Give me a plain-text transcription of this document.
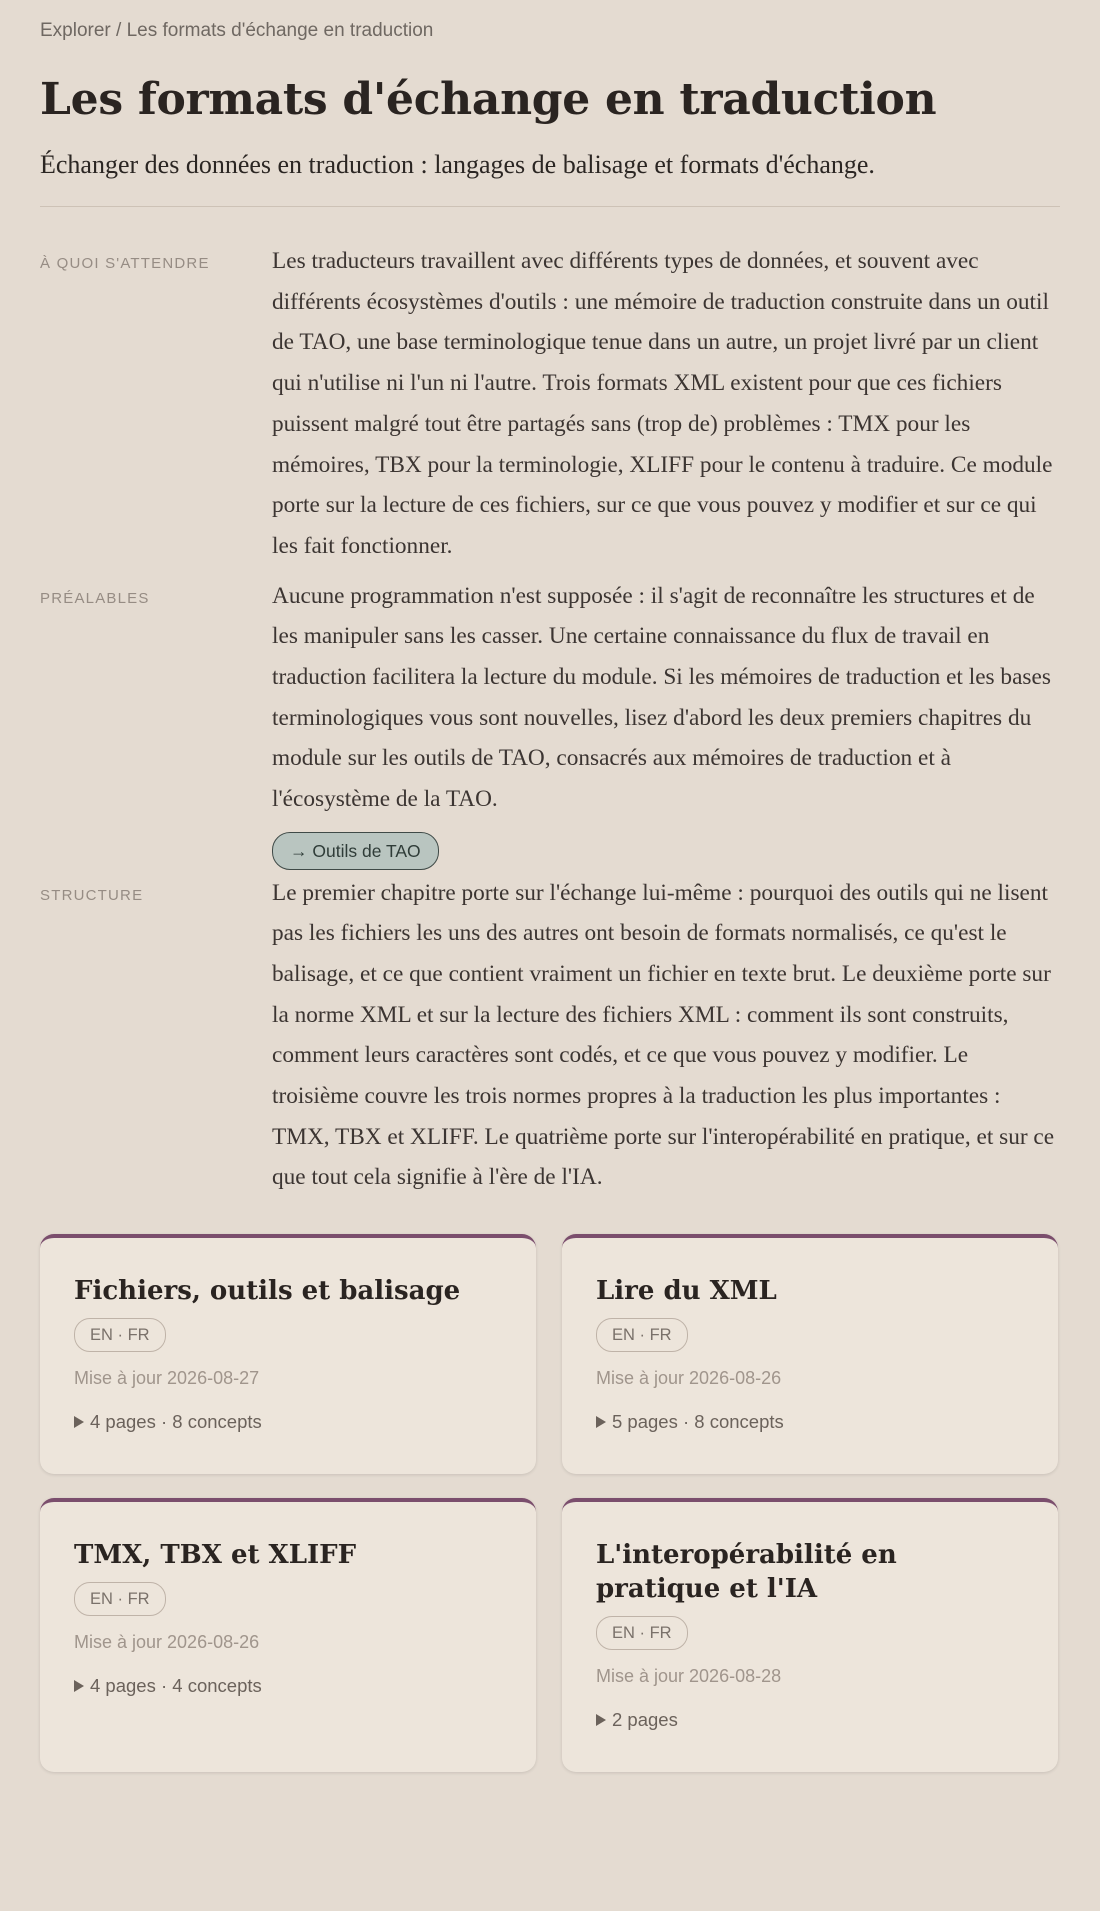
Explorer / Les formats d'échange en traduction
Les formats d'échange en traduction

Échanger des données en traduction : langages de balisage et formats d'échange.

À QUOI S'ATTENDRE	Les traducteurs travaillent avec différents types de données, et souvent avec différents écosystèmes d'outils : une mémoire de traduction construite dans un outil de TAO, une base terminologique tenue dans un autre, un projet livré par un client qui n'utilise ni l'un ni l'autre. Trois formats XML existent pour que ces fichiers puissent malgré tout être partagés sans (trop de) problèmes : TMX pour les mémoires, TBX pour la terminologie, XLIFF pour le contenu à traduire. Ce module porte sur la lecture de ces fichiers, sur ce que vous pouvez y modifier et sur ce qui les fait fonctionner.

PRÉALABLES	Aucune programmation n'est supposée : il s'agit de reconnaître les structures et de les manipuler sans les casser. Une certaine connaissance du flux de travail en traduction facilitera la lecture du module. Si les mémoires de traduction et les bases terminologiques vous sont nouvelles, lisez d'abord les deux premiers chapitres du module sur les outils de TAO, consacrés aux mémoires de traduction et à l'écosystème de la TAO.

→ Outils de TAO
STRUCTURE	Le premier chapitre porte sur l'échange lui-même : pourquoi des outils qui ne lisent pas les fichiers les uns des autres ont besoin de formats normalisés, ce qu'est le balisage, et ce que contient vraiment un fichier en texte brut. Le deuxième porte sur la norme XML et sur la lecture des fichiers XML : comment ils sont construits, comment leurs caractères sont codés, et ce que vous pouvez y modifier. Le troisième couvre les trois normes propres à la traduction les plus importantes : TMX, TBX et XLIFF. Le quatrième porte sur l'interopérabilité en pratique, et sur ce que tout cela signifie à l'ère de l'IA.

Fichiers, outils et balisage
EN · FR
Mise à jour 2026-08-27
4 pages · 8 concepts
Lire du XML
EN · FR
Mise à jour 2026-08-26
5 pages · 8 concepts
TMX, TBX et XLIFF
EN · FR
Mise à jour 2026-08-26
4 pages · 4 concepts
L'interopérabilité en pratique et l'IA
EN · FR
Mise à jour 2026-08-28
2 pages
